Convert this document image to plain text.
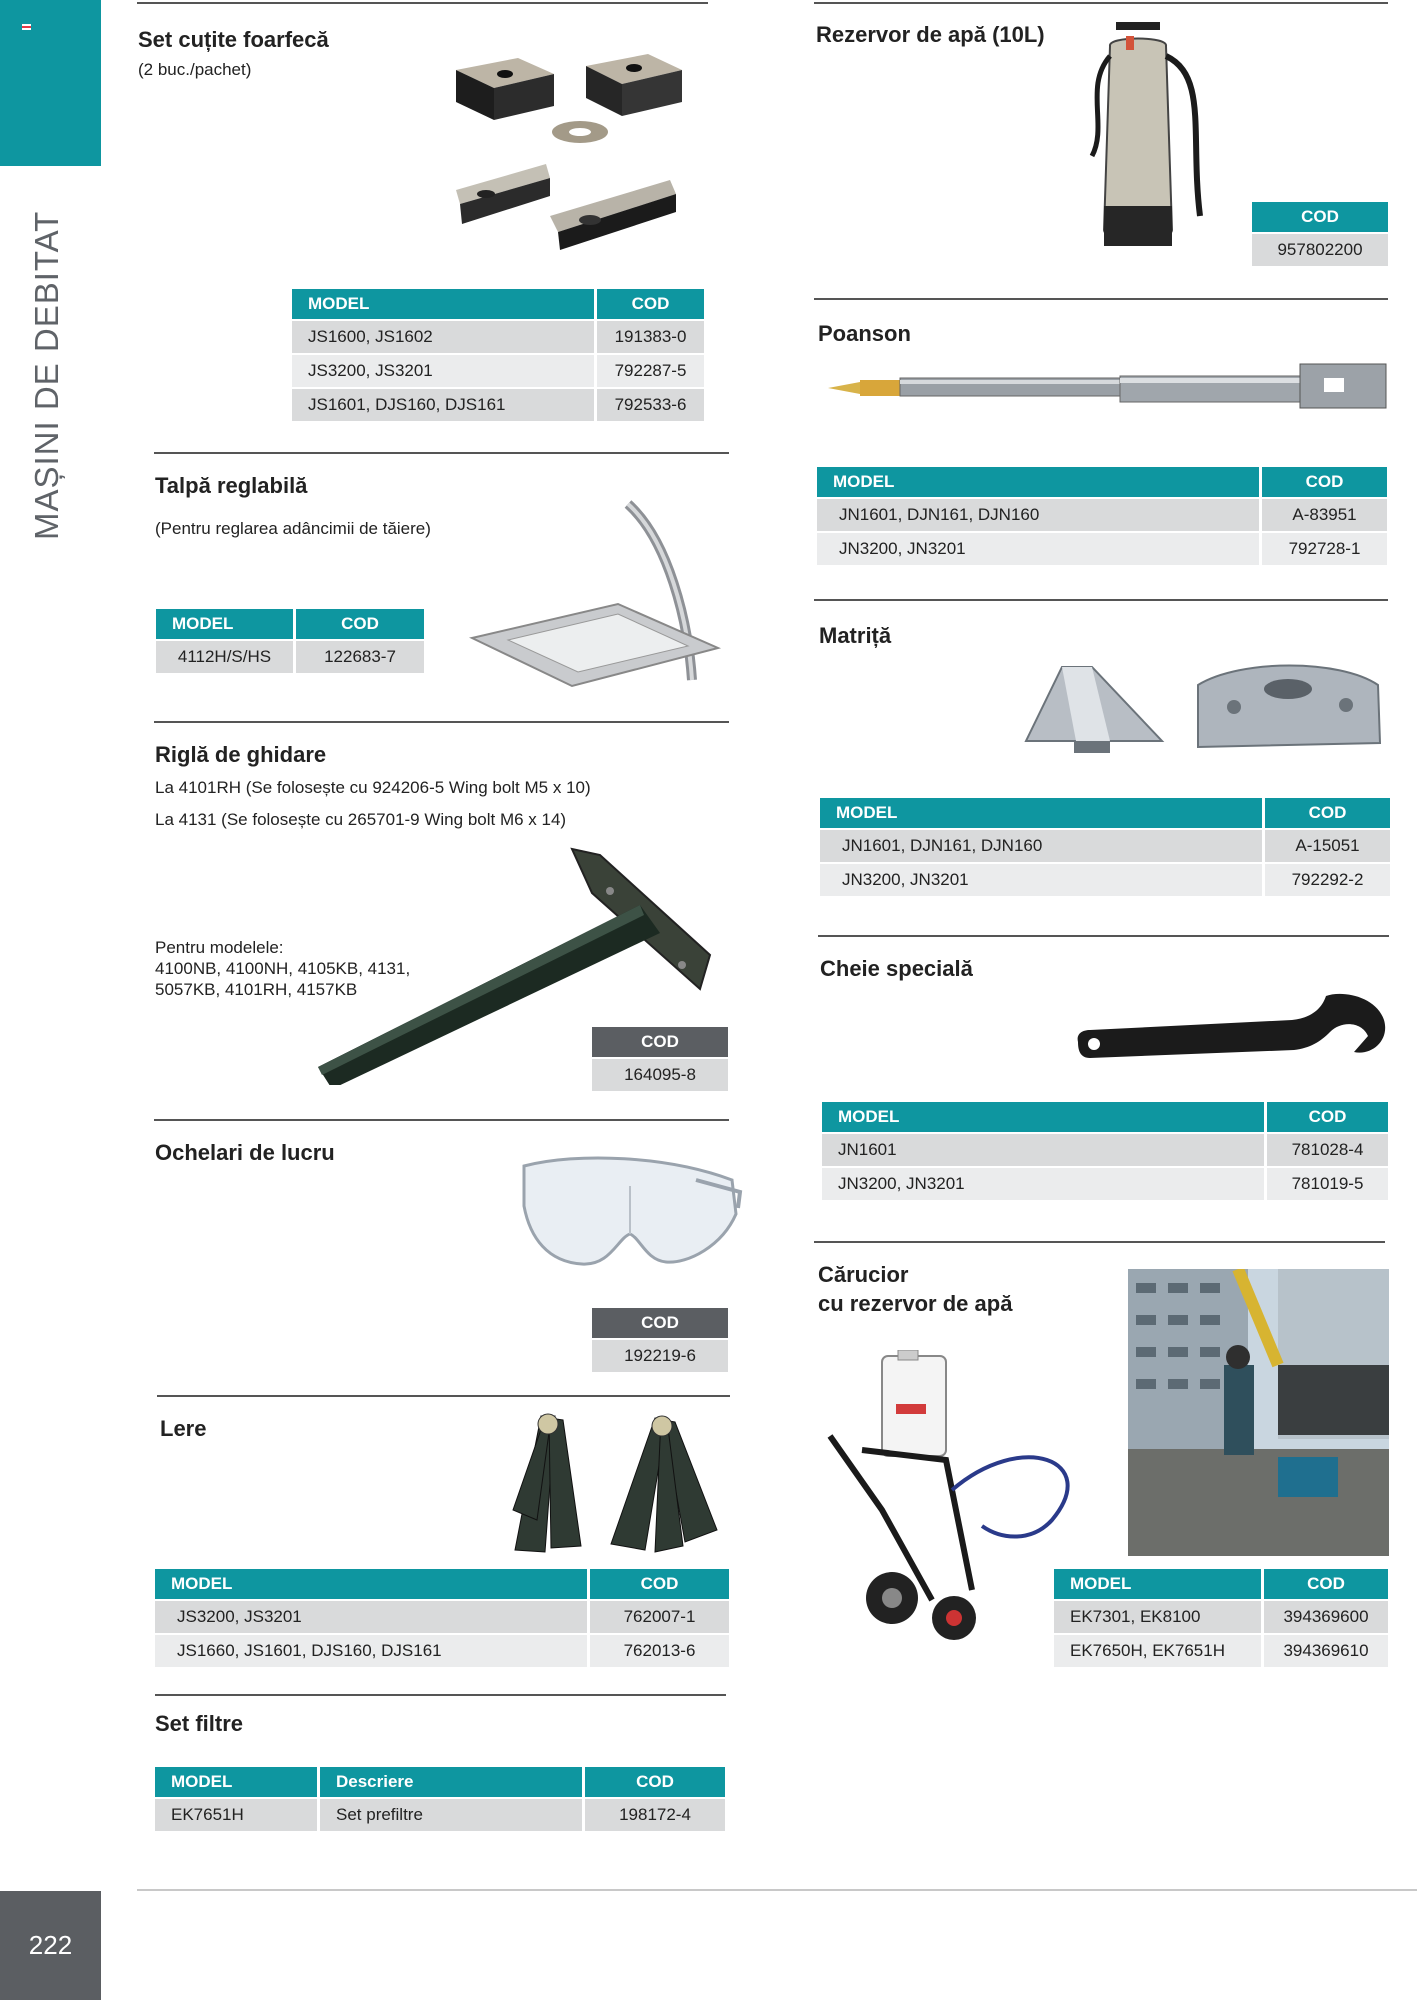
MAȘINI DE DEBITAT
222
Set cuțite foarfecă
(2 buc./pachet)
MODEL	COD
JS1600, JS1602	191383-0
JS3200, JS3201	792287-5
JS1601, DJS160, DJS161	792533-6
Talpă reglabilă
(Pentru reglarea adâncimii de tăiere)
MODEL	COD
4112H/S/HS	122683-7
Riglă de ghidare
La 4101RH (Se folosește cu 924206-5 Wing bolt M5 x 10)
La 4131 (Se folosește cu 265701-9 Wing bolt M6 x 14)
Pentru modelele:
4100NB, 4100NH, 4105KB, 4131,
5057KB, 4101RH, 4157KB
COD
164095-8
Ochelari de lucru
COD
192219-6
Lere
MODEL	COD
JS3200, JS3201	762007-1
JS1660, JS1601, DJS160, DJS161	762013-6
Set filtre
MODEL	Descriere	COD
EK7651H	Set prefiltre	198172-4
Rezervor de apă (10L)
COD
957802200
Poanson
MODEL	COD
JN1601, DJN161, DJN160	A-83951
JN3200, JN3201	792728-1
Matriță
MODEL	COD
JN1601, DJN161, DJN160	A-15051
JN3200, JN3201	792292-2
Cheie specială
MODEL	COD
JN1601	781028-4
JN3200, JN3201	781019-5
Cărucior
cu rezervor de apă
MODEL	COD
EK7301, EK8100	394369600
EK7650H, EK7651H	394369610
